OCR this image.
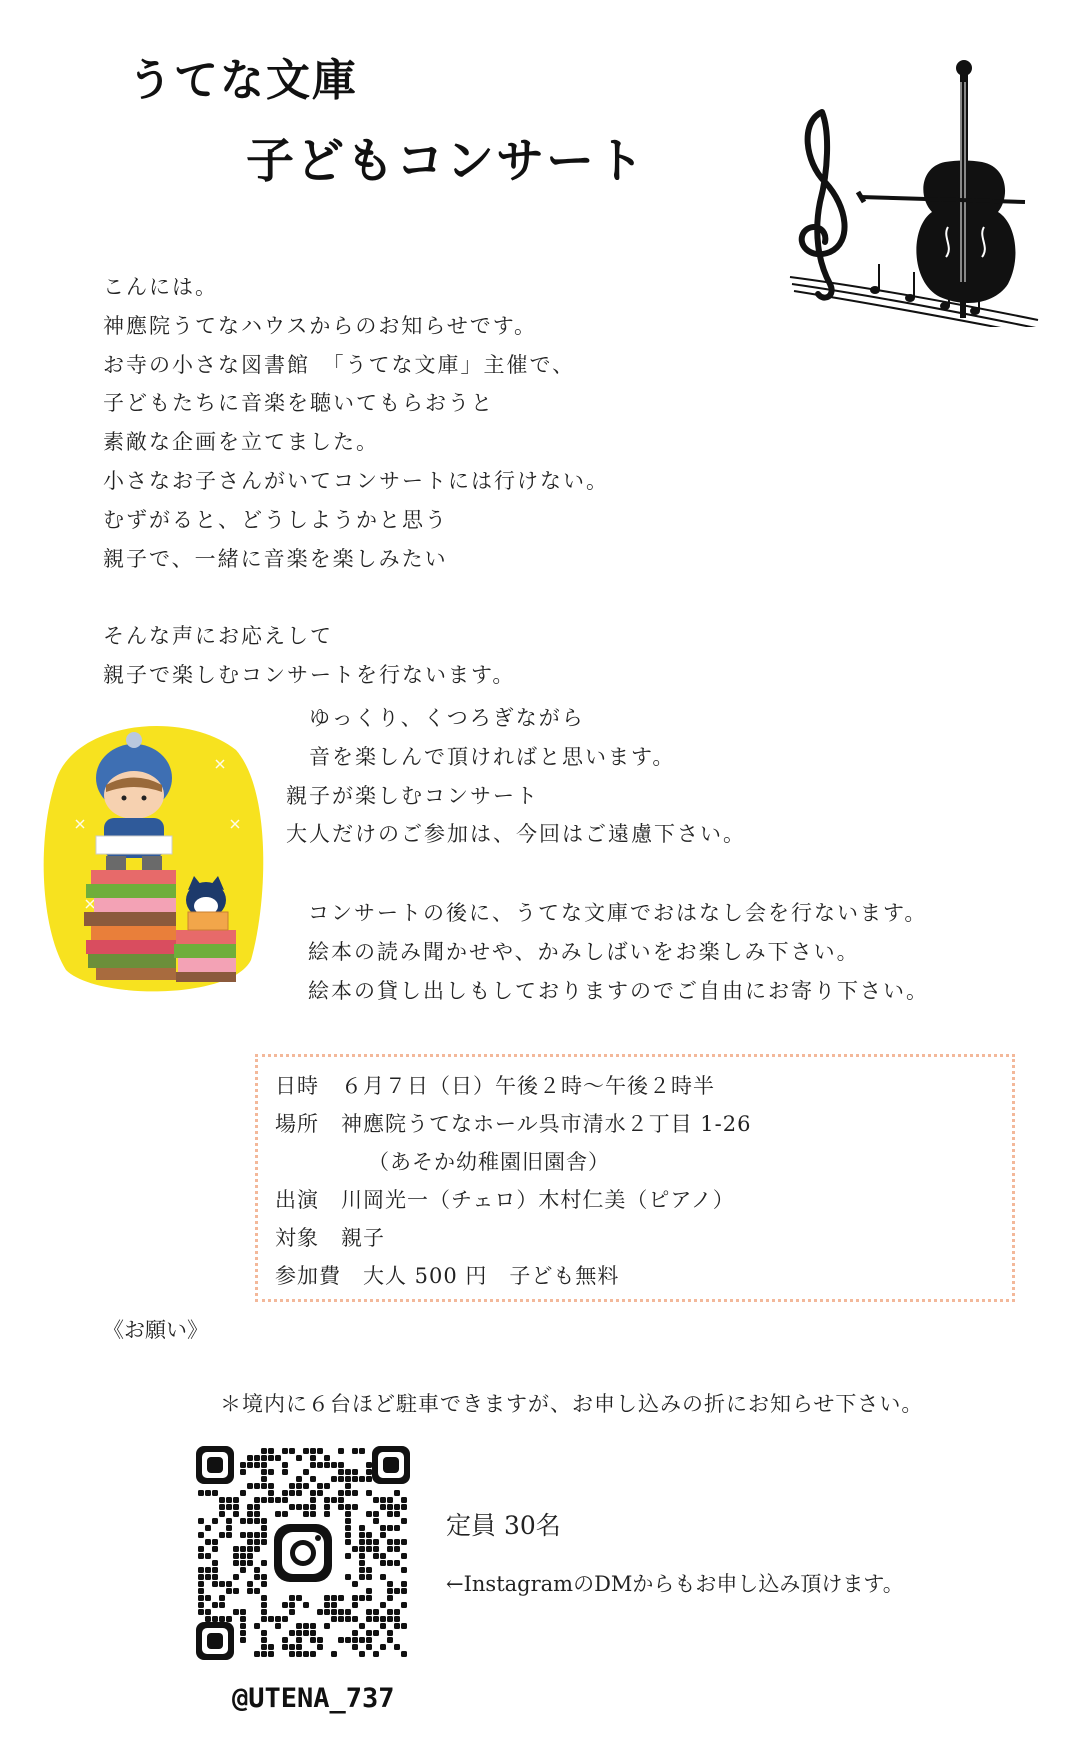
うてな文庫
子どもコンサート
こんには。
神應院うてなハウスからのお知らせです。
お寺の小さな図書館　「うてな文庫」主催で、
子どもたちに音楽を聴いてもらおうと
素敵な企画を立てました。
小さなお子さんがいてコンサートには行けない。
むずがると、どうしようかと思う
親子で、一緒に音楽を楽しみたい
そんな声にお応えして
親子で楽しむコンサートを行ないます。
　ゆっくり、くつろぎながら
　音を楽しんで頂ければと思います。
親子が楽しむコンサート
大人だけのご参加は、今回はご遠慮下さい。
コンサートの後に、うてな文庫でおはなし会を行ないます。
絵本の読み聞かせや、かみしばいをお楽しみ下さい。
絵本の貸し出しもしておりますのでご自由にお寄り下さい。
日時　６月７日（日）午後２時〜午後２時半
場所　神應院うてなホール呉市清水２丁目 1-26
（あそか幼稚園旧園舎）
出演　川岡光一（チェロ）木村仁美（ピアノ）
対象　親子
参加費　大人 500 円　子ども無料
《お願い》
＊境内に６台ほど駐車できますが、お申し込みの折にお知らせ下さい。
@UTENA_737
定員 30名
←InstagramのDMからもお申し込み頂けます。
